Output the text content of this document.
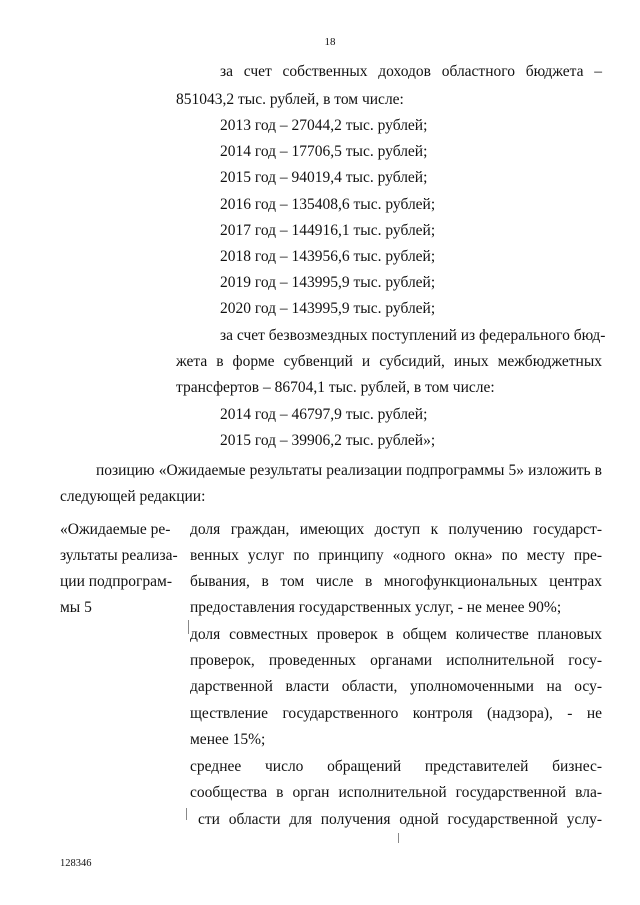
18
за счет собственных доходов областного бюджета –
851043,2 тыс. рублей, в том числе:
2013 год – 27044,2 тыс. рублей;
2014 год – 17706,5 тыс. рублей;
2015 год – 94019,4 тыс. рублей;
2016 год – 135408,6 тыс. рублей;
2017 год – 144916,1 тыс. рублей;
2018 год – 143956,6 тыс. рублей;
2019 год – 143995,9 тыс. рублей;
2020 год – 143995,9 тыс. рублей;
за счет безвозмездных поступлений из федерального бюд-
жета в форме субвенций и субсидий, иных межбюджетных
трансфертов – 86704,1 тыс. рублей, в том числе:
2014 год – 46797,9 тыс. рублей;
2015 год – 39906,2 тыс. рублей»;
позицию «Ожидаемые результаты реализации подпрограммы 5» изложить в
следующей редакции:
«Ожидаемые ре-
зультаты реализа-
ции подпрограм-
мы 5
доля граждан, имеющих доступ к получению государст-
венных услуг по принципу «одного окна» по месту пре-
бывания, в том числе в многофункциональных центрах
предоставления государственных услуг, - не менее 90%;
доля совместных проверок в общем количестве плановых
проверок, проведенных органами исполнительной госу-
дарственной власти области, уполномоченными на осу-
ществление государственного контроля (надзора), - не
менее 15%;
среднее число обращений представителей бизнес-
сообщества в орган исполнительной государственной вла-
сти области для получения одной государственной услу-
128346
